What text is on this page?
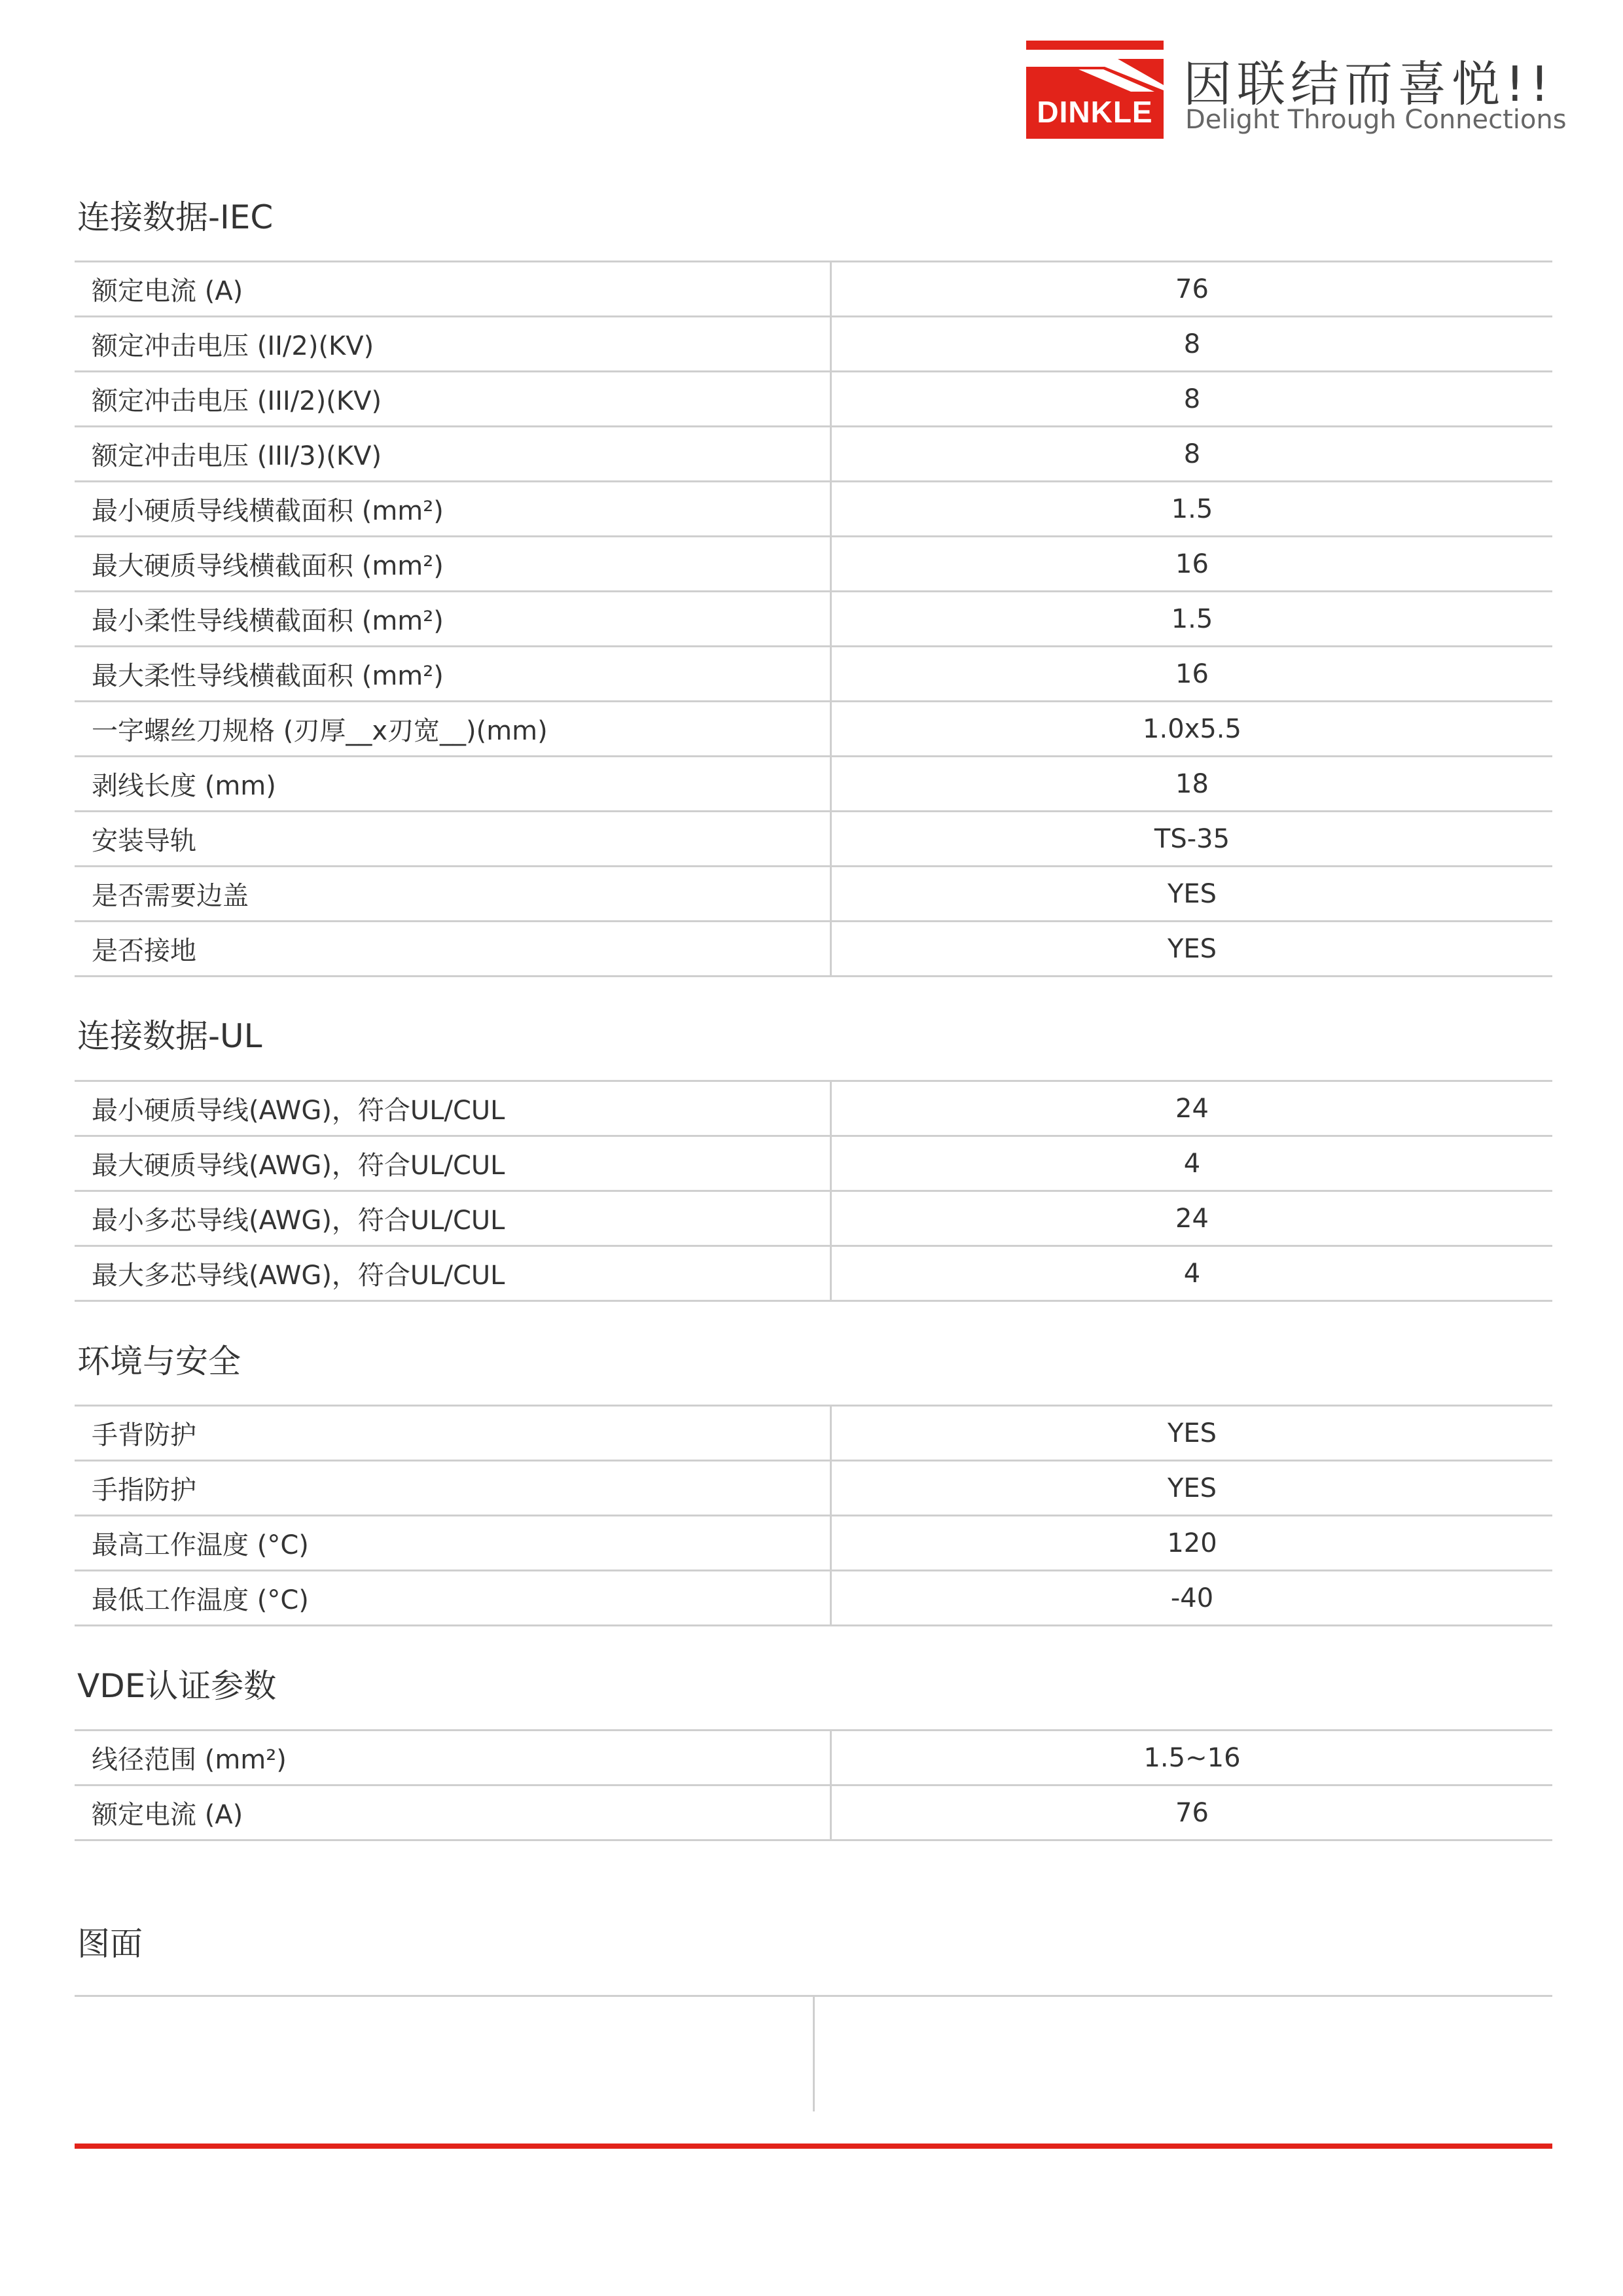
DINKLE 因联结而喜悦!!
Delight Through Connections
连接数据-IEC
额定电流 (A)	76
额定冲击电压 (II/2)(KV)	8
额定冲击电压 (III/2)(KV)	8
额定冲击电压 (III/3)(KV)	8
最小硬质导线横截面积 (mm²)	1.5
最大硬质导线横截面积 (mm²)	16
最小柔性导线横截面积 (mm²)	1.5
最大柔性导线横截面积 (mm²)	16
一字螺丝刀规格 (刃厚__x刃宽__)(mm)	1.0x5.5
剥线长度 (mm)	18
安装导轨	TS-35
是否需要边盖	YES
是否接地	YES
连接数据-UL
最小硬质导线(AWG)，符合UL/CUL	24
最大硬质导线(AWG)，符合UL/CUL	4
最小多芯导线(AWG)，符合UL/CUL	24
最大多芯导线(AWG)，符合UL/CUL	4
环境与安全
手背防护	YES
手指防护	YES
最高工作温度 (°C)	120
最低工作温度 (°C)	-40
VDE认证参数
线径范围 (mm²)	1.5~16
额定电流 (A)	76
图面
